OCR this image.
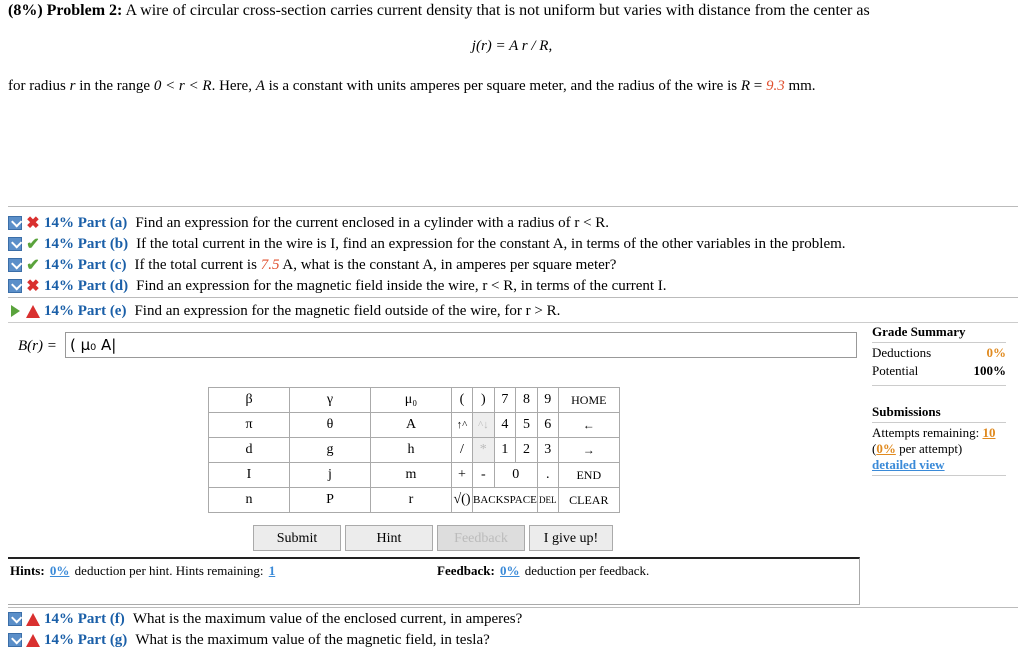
(8%) Problem 2: A wire of circular cross-section carries current density that is not uniform but varies with distance from the center as
j(r) = A r / R,
for radius r in the range 0 < r < R. Here, A is a constant with units amperes per square meter, and the radius of the wire is R = 9.3 mm.
✖ 14% Part (a) Find an expression for the current enclosed in a cylinder with a radius of r < R.
✔ 14% Part (b) If the total current in the wire is I, find an expression for the constant A, in terms of the other variables in the problem.
✔ 14% Part (c) If the total current is 7.5 A, what is the constant A, in amperes per square meter?
✖ 14% Part (d) Find an expression for the magnetic field inside the wire, r < R, in terms of the current I.
14% Part (e) Find an expression for the magnetic field outside of the wire, for r > R.
B(r) = ( μ₀ A|
β	γ	μ₀	(	)	7	8	9	HOME
π	θ	A	↑^	^↓	4	5	6	←
d	g	h	/	*	1	2	3	→
I	j	m	+	-	0		.	END
n	P	r	√()	BACKSPACE			DEL	CLEAR
Submit	Hint	Feedback	I give up!
Hints: 0% deduction per hint. Hints remaining: 1	Feedback: 0% deduction per feedback.
Grade Summary
Deductions	0%
Potential	100%
Submissions
Attempts remaining: 10
(0% per attempt)
detailed view
14% Part (f) What is the maximum value of the enclosed current, in amperes?
14% Part (g) What is the maximum value of the magnetic field, in tesla?
